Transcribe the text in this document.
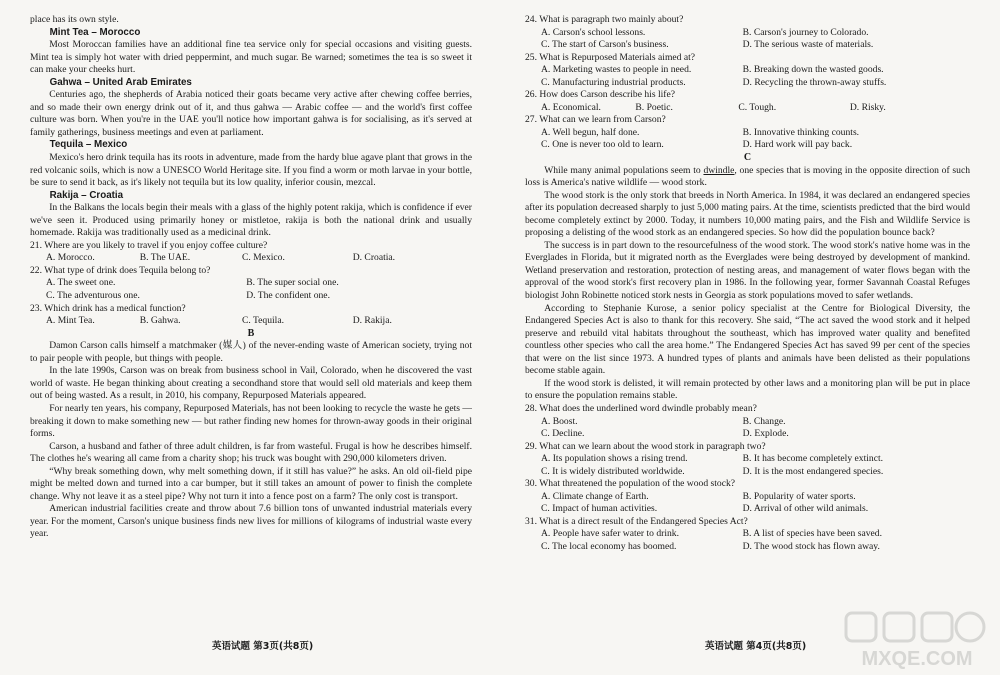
place has its own style.

Mint Tea – Morocco

Most Moroccan families have an additional fine tea service only for special occasions and visiting guests. Mint tea is simply hot water with dried peppermint, and much sugar. Be warned; sometimes the tea is so sweet it can make your cheeks hurt.

Gahwa – United Arab Emirates

Centuries ago, the shepherds of Arabia noticed their goats became very active after chewing coffee berries, and so made their own energy drink out of it, and thus gahwa — Arabic coffee — and the world's first coffee culture was born. When you're in the UAE you'll notice how important gahwa is for socialising, as it's served at family gatherings, business meetings and even at parliament.

Tequila – Mexico

Mexico's hero drink tequila has its roots in adventure, made from the hardy blue agave plant that grows in the red volcanic soils, which is now a UNESCO World Heritage site. If you find a worm or moth larvae in your bottle, be sure to send it back, as it's likely not tequila but its low quality, inferior cousin, mezcal.

Rakija – Croatia

In the Balkans the locals begin their meals with a glass of the highly potent rakija, which is confidence if ever we've seen it. Produced using primarily honey or mistletoe, rakija is both the national drink and usually homemade. Rakija was traditionally used as a medicinal drink.

21. Where are you likely to travel if you enjoy coffee culture?

A. Morocco.	B. The UAE.	C. Mexico.	D. Croatia.

22. What type of drink does Tequila belong to?

A. The sweet one.	B. The super social one.
C. The adventurous one.	D. The confident one.

23. Which drink has a medical function?

A. Mint Tea.	B. Gahwa.	C. Tequila.	D. Rakija.

B

Damon Carson calls himself a matchmaker (媒人) of the never-ending waste of American society, trying not to pair people with people, but things with people.

In the late 1990s, Carson was on break from business school in Vail, Colorado, when he discovered the vast world of waste. He began thinking about creating a secondhand store that would sell old materials and keep them out of being wasted. As a result, in 2010, his company, Repurposed Materials appeared.

For nearly ten years, his company, Repurposed Materials, has not been looking to recycle the waste he gets — breaking it down to make something new — but rather finding new homes for thrown-away goods in their original forms.

Carson, a husband and father of three adult children, is far from wasteful. Frugal is how he describes himself. The clothes he's wearing all came from a charity shop; his truck was bought with 290,000 kilometers driven.

“Why break something down, why melt something down, if it still has value?” he asks. An old oil-field pipe might be melted down and turned into a car bumper, but it still takes an amount of power to finish the complete change. Why not leave it as a steel pipe? Why not turn it into a fence post on a farm? The only cost is transport.

American industrial facilities create and throw about 7.6 billion tons of unwanted industrial materials every year. For the moment, Carson's unique business finds new lives for millions of kilograms of industrial waste every year.

英语试题 第3页(共8页)

24. What is paragraph two mainly about?

A. Carson's school lessons.	B. Carson's journey to Colorado.
C. The start of Carson's business.	D. The serious waste of materials.

25. What is Repurposed Materials aimed at?

A. Marketing wastes to people in need.	B. Breaking down the wasted goods.
C. Manufacturing industrial products.	D. Recycling the thrown-away stuffs.

26. How does Carson describe his life?

A. Economical.	B. Poetic.	C. Tough.	D. Risky.

27. What can we learn from Carson?

A. Well begun, half done.	B. Innovative thinking counts.
C. One is never too old to learn.	D. Hard work will pay back.

C

While many animal populations seem to dwindle, one species that is moving in the opposite direction of such loss is America's native wildlife — wood stork.

The wood stork is the only stork that breeds in North America. In 1984, it was declared an endangered species after its population decreased sharply to just 5,000 mating pairs. At the time, scientists predicted that the bird would become completely extinct by 2000. Today, it numbers 10,000 mating pairs, and the Fish and Wildlife Service is proposing a delisting of the wood stork as an endangered species. So how did the population bounce back?

The success is in part down to the resourcefulness of the wood stork. The wood stork's native home was in the Everglades in Florida, but it migrated north as the Everglades were being destroyed by development of mankind. Wetland preservation and restoration, protection of nesting areas, and management of water flows began with the approval of the wood stork's first recovery plan in 1986. In the following year, former Savannah Coastal Refuges biologist John Robinette noticed stork nests in Georgia as stork populations moved to safer wetlands.

According to Stephanie Kurose, a senior policy specialist at the Centre for Biological Diversity, the Endangered Species Act is also to thank for this recovery. She said, “The act saved the wood stork and it helped preserve and rebuild vital habitats throughout the southeast, which has improved water quality and benefited countless other species who call the area home.” The Endangered Species Act has saved 99 per cent of the species that were on the list since 1973. A hundred types of plants and animals have been delisted as their populations become stable again.

If the wood stork is delisted, it will remain protected by other laws and a monitoring plan will be put in place to ensure the population remains stable.

28. What does the underlined word dwindle probably mean?

A. Boost.	B. Change.
C. Decline.	D. Explode.

29. What can we learn about the wood stork in paragraph two?

A. Its population shows a rising trend.	B. It has become completely extinct.
C. It is widely distributed worldwide.	D. It is the most endangered species.

30. What threatened the population of the wood stock?

A. Climate change of Earth.	B. Popularity of water sports.
C. Impact of human activities.	D. Arrival of other wild animals.

31. What is a direct result of the Endangered Species Act?

A. People have safer water to drink.	B. A list of species have been saved.
C. The local economy has boomed.	D. The wood stock has flown away.
英语试题 第4页(共8页)
MXQE.COM
